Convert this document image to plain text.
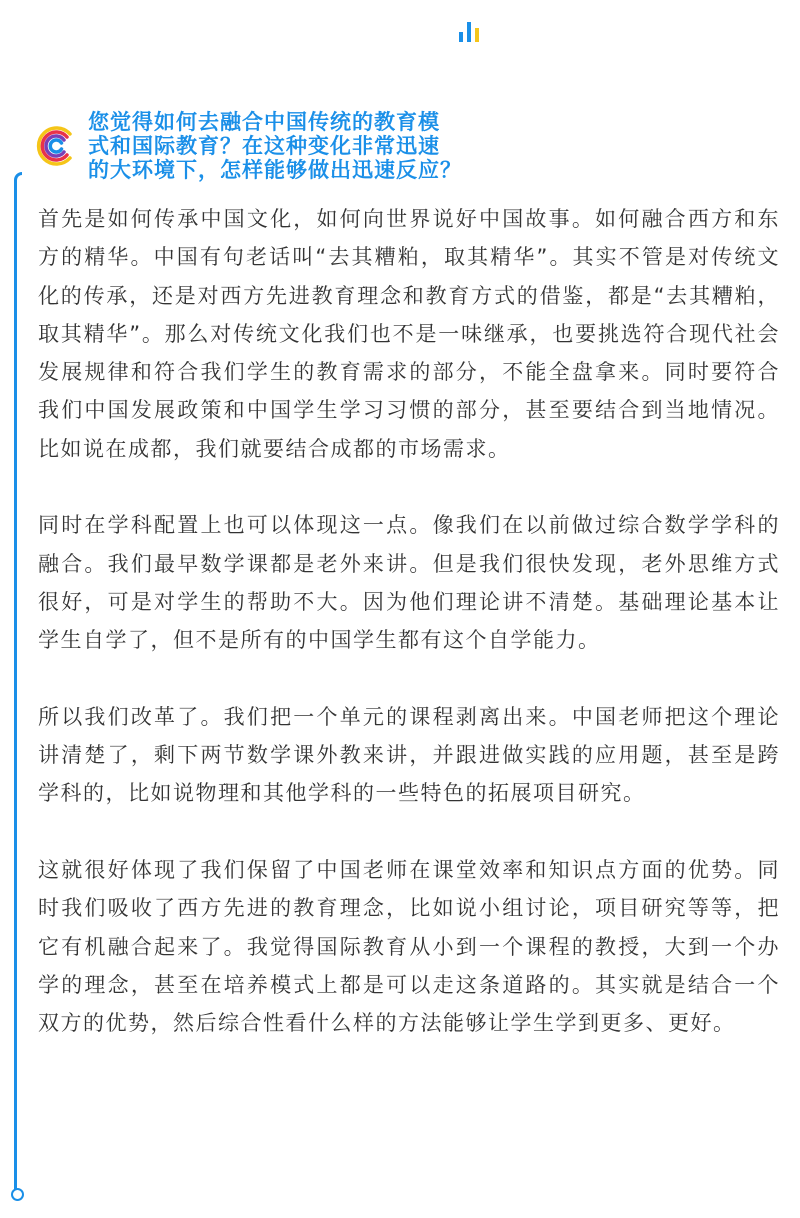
您觉得如何去融合中国传统的教育模
式和国际教育？在这种变化非常迅速
的大环境下，怎样能够做出迅速反应？

首先是如何传承中国文化，如何向世界说好中国故事。如何融合西方和东方的精华。中国有句老话叫“去其糟粕，取其精华”。其实不管是对传统文化的传承，还是对西方先进教育理念和教育方式的借鉴，都是“去其糟粕，取其精华”。那么对传统文化我们也不是一味继承，也要挑选符合现代社会发展规律和符合我们学生的教育需求的部分，不能全盘拿来。同时要符合我们中国发展政策和中国学生学习习惯的部分，甚至要结合到当地情况。比如说在成都，我们就要结合成都的市场需求。

同时在学科配置上也可以体现这一点。像我们在以前做过综合数学学科的融合。我们最早数学课都是老外来讲。但是我们很快发现，老外思维方式很好，可是对学生的帮助不大。因为他们理论讲不清楚。基础理论基本让学生自学了，但不是所有的中国学生都有这个自学能力。

所以我们改革了。我们把一个单元的课程剥离出来。中国老师把这个理论讲清楚了，剩下两节数学课外教来讲，并跟进做实践的应用题，甚至是跨学科的，比如说物理和其他学科的一些特色的拓展项目研究。

这就很好体现了我们保留了中国老师在课堂效率和知识点方面的优势。同时我们吸收了西方先进的教育理念，比如说小组讨论，项目研究等等，把它有机融合起来了。我觉得国际教育从小到一个课程的教授，大到一个办学的理念，甚至在培养模式上都是可以走这条道路的。其实就是结合一个双方的优势，然后综合性看什么样的方法能够让学生学到更多、更好。
